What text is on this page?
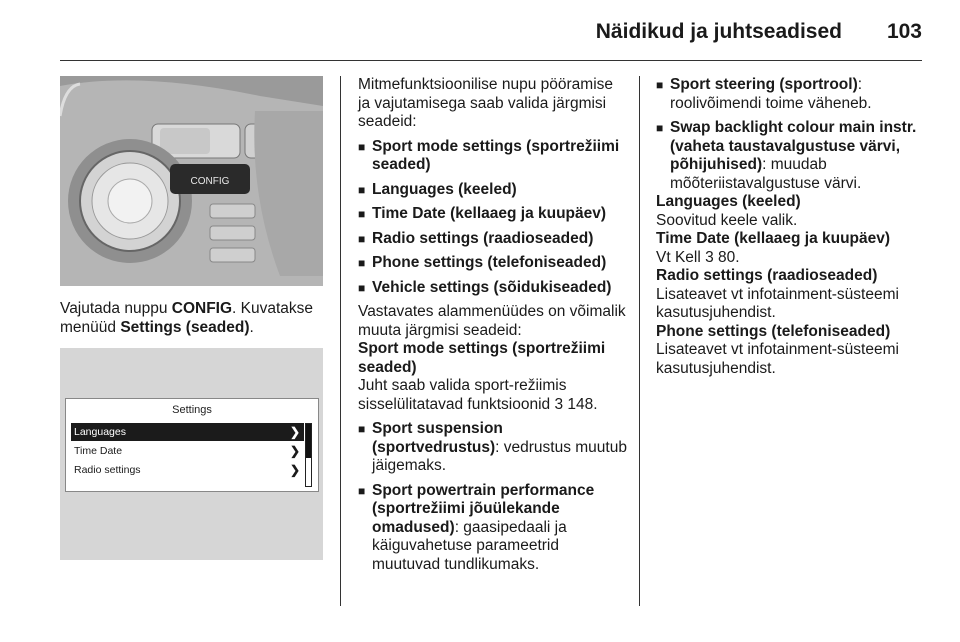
Näidikud ja juhtseadised 103
CONFIG

Vajutada nuppu CONFIG. Kuvatakse menüüd Settings (seaded).

Settings
Languages	❯
Time Date	❯
Radio settings	❯

Mitmefunktsioonilise nupu pööramise ja vajutamisega saab valida järgmisi seadeid:

■ Sport mode settings (sportrežiimi seaded)
■ Languages (keeled)
■ Time Date (kellaaeg ja kuupäev)
■ Radio settings (raadioseaded)
■ Phone settings (telefoniseaded)
■ Vehicle settings (sõidukiseaded)

Vastavates alammenüüdes on võimalik muuta järgmisi seadeid:

Sport mode settings (sportrežiimi seaded)

Juht saab valida sport-režiimis sisselülitatavad funktsioonid 3 148.

■ Sport suspension (sportvedrustus): vedrustus muutub jäigemaks.
■ Sport powertrain performance (sportrežiimi jõuülekande omadused): gaasipedaali ja käiguvahetuse parameetrid muutuvad tundlikumaks.
■ Sport steering (sportrool): roolivõimendi toime väheneb.
■ Swap backlight colour main instr. (vaheta taustavalgustuse värvi, põhijuhised): muudab mõõteriistavalgustuse värvi.

Languages (keeled)

Soovitud keele valik.

Time Date (kellaaeg ja kuupäev)

Vt Kell 3 80.

Radio settings (raadioseaded)

Lisateavet vt infotainment-süsteemi kasutusjuhendist.

Phone settings (telefoniseaded)

Lisateavet vt infotainment-süsteemi kasutusjuhendist.
